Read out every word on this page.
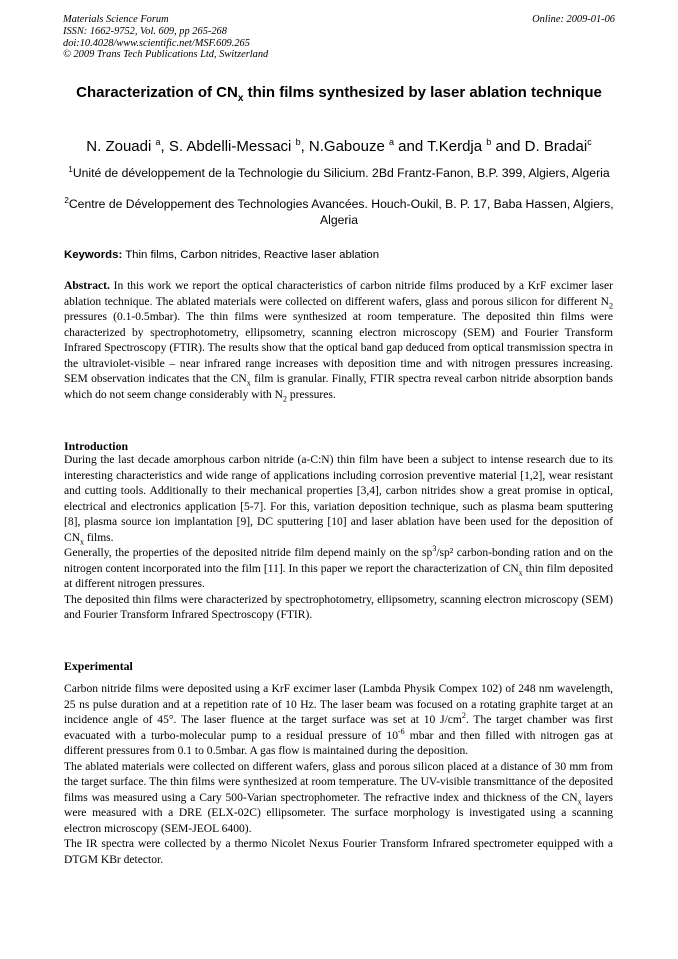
Materials Science Forum
ISSN: 1662-9752, Vol. 609, pp 265-268
doi:10.4028/www.scientific.net/MSF.609.265
© 2009 Trans Tech Publications Ltd, Switzerland
Online: 2009-01-06
Characterization of $CN_x$ thin films synthesized by laser ablation technique
N. Zouadi $^a$, S. Abdelli-Messaci $^b$, N.Gabouze $^a$ and T.Kerdja $^b$ and D. Bradai$^c$
$^1$Unité de développement de la Technologie du Silicium. 2Bd Frantz-Fanon, B.P. 399, Algiers, Algeria
$^2$Centre de Développement des Technologies Avancées. Houch-Oukil, B. P. 17, Baba Hassen, Algiers, Algeria
Keywords: Thin films, Carbon nitrides, Reactive laser ablation
Abstract. In this work we report the optical characteristics of carbon nitride films produced by a KrF excimer laser ablation technique. The ablated materials were collected on different wafers, glass and porous silicon for different $N_2$ pressures (0.1-0.5mbar). The thin films were synthesized at room temperature. The deposited thin films were characterized by spectrophotometry, ellipsometry, scanning electron microscopy (SEM) and Fourier Transform Infrared Spectroscopy (FTIR). The results show that the optical band gap deduced from optical transmission spectra in the ultraviolet-visible – near infrared range increases with deposition time and with nitrogen pressures increasing. SEM observation indicates that the $CN_x$ film is granular. Finally, FTIR spectra reveal carbon nitride absorption bands which do not seem change considerably with $N_2$ pressures.
Introduction
During the last decade amorphous carbon nitride (a-C:N) thin film have been a subject to intense research due to its interesting characteristics and wide range of applications including corrosion preventive material [1,2], wear resistant and cutting tools. Additionally to their mechanical properties [3,4], carbon nitrides show a great promise in optical, electrical and electronics application [5-7]. For this, variation deposition technique, such as plasma beam sputtering [8], plasma source ion implantation [9], DC sputtering [10] and laser ablation have been used for the deposition of $CN_x$ films.
Generally, the properties of the deposited nitride film depend mainly on the $sp^3$/sp² carbon-bonding ration and on the nitrogen content incorporated into the film [11]. In this paper we report the characterization of $CN_x$ thin film deposited at different nitrogen pressures.
The deposited thin films were characterized by spectrophotometry, ellipsometry, scanning electron microscopy (SEM) and Fourier Transform Infrared Spectroscopy (FTIR).
Experimental
Carbon nitride films were deposited using a KrF excimer laser (Lambda Physik Compex 102) of 248 nm wavelength, 25 ns pulse duration and at a repetition rate of 10 Hz. The laser beam was focused on a rotating graphite target at an incidence angle of 45°. The laser fluence at the target surface was set at 10 $J/cm^2$. The target chamber was first evacuated with a turbo-molecular pump to a residual pressure of $10^{-6}$ mbar and then filled with nitrogen gas at different pressures from 0.1 to 0.5mbar. A gas flow is maintained during the deposition.
The ablated materials were collected on different wafers, glass and porous silicon placed at a distance of 30 mm from the target surface. The thin films were synthesized at room temperature. The UV-visible transmittance of the deposited films was measured using a Cary 500-Varian spectrophometer. The refractive index and thickness of the $CN_x$ layers were measured with a DRE (ELX-02C) ellipsometer. The surface morphology is investigated using a scanning electron microscopy (SEM-JEOL 6400).
The IR spectra were collected by a thermo Nicolet Nexus Fourier Transform Infrared spectrometer equipped with a DTGM KBr detector.
